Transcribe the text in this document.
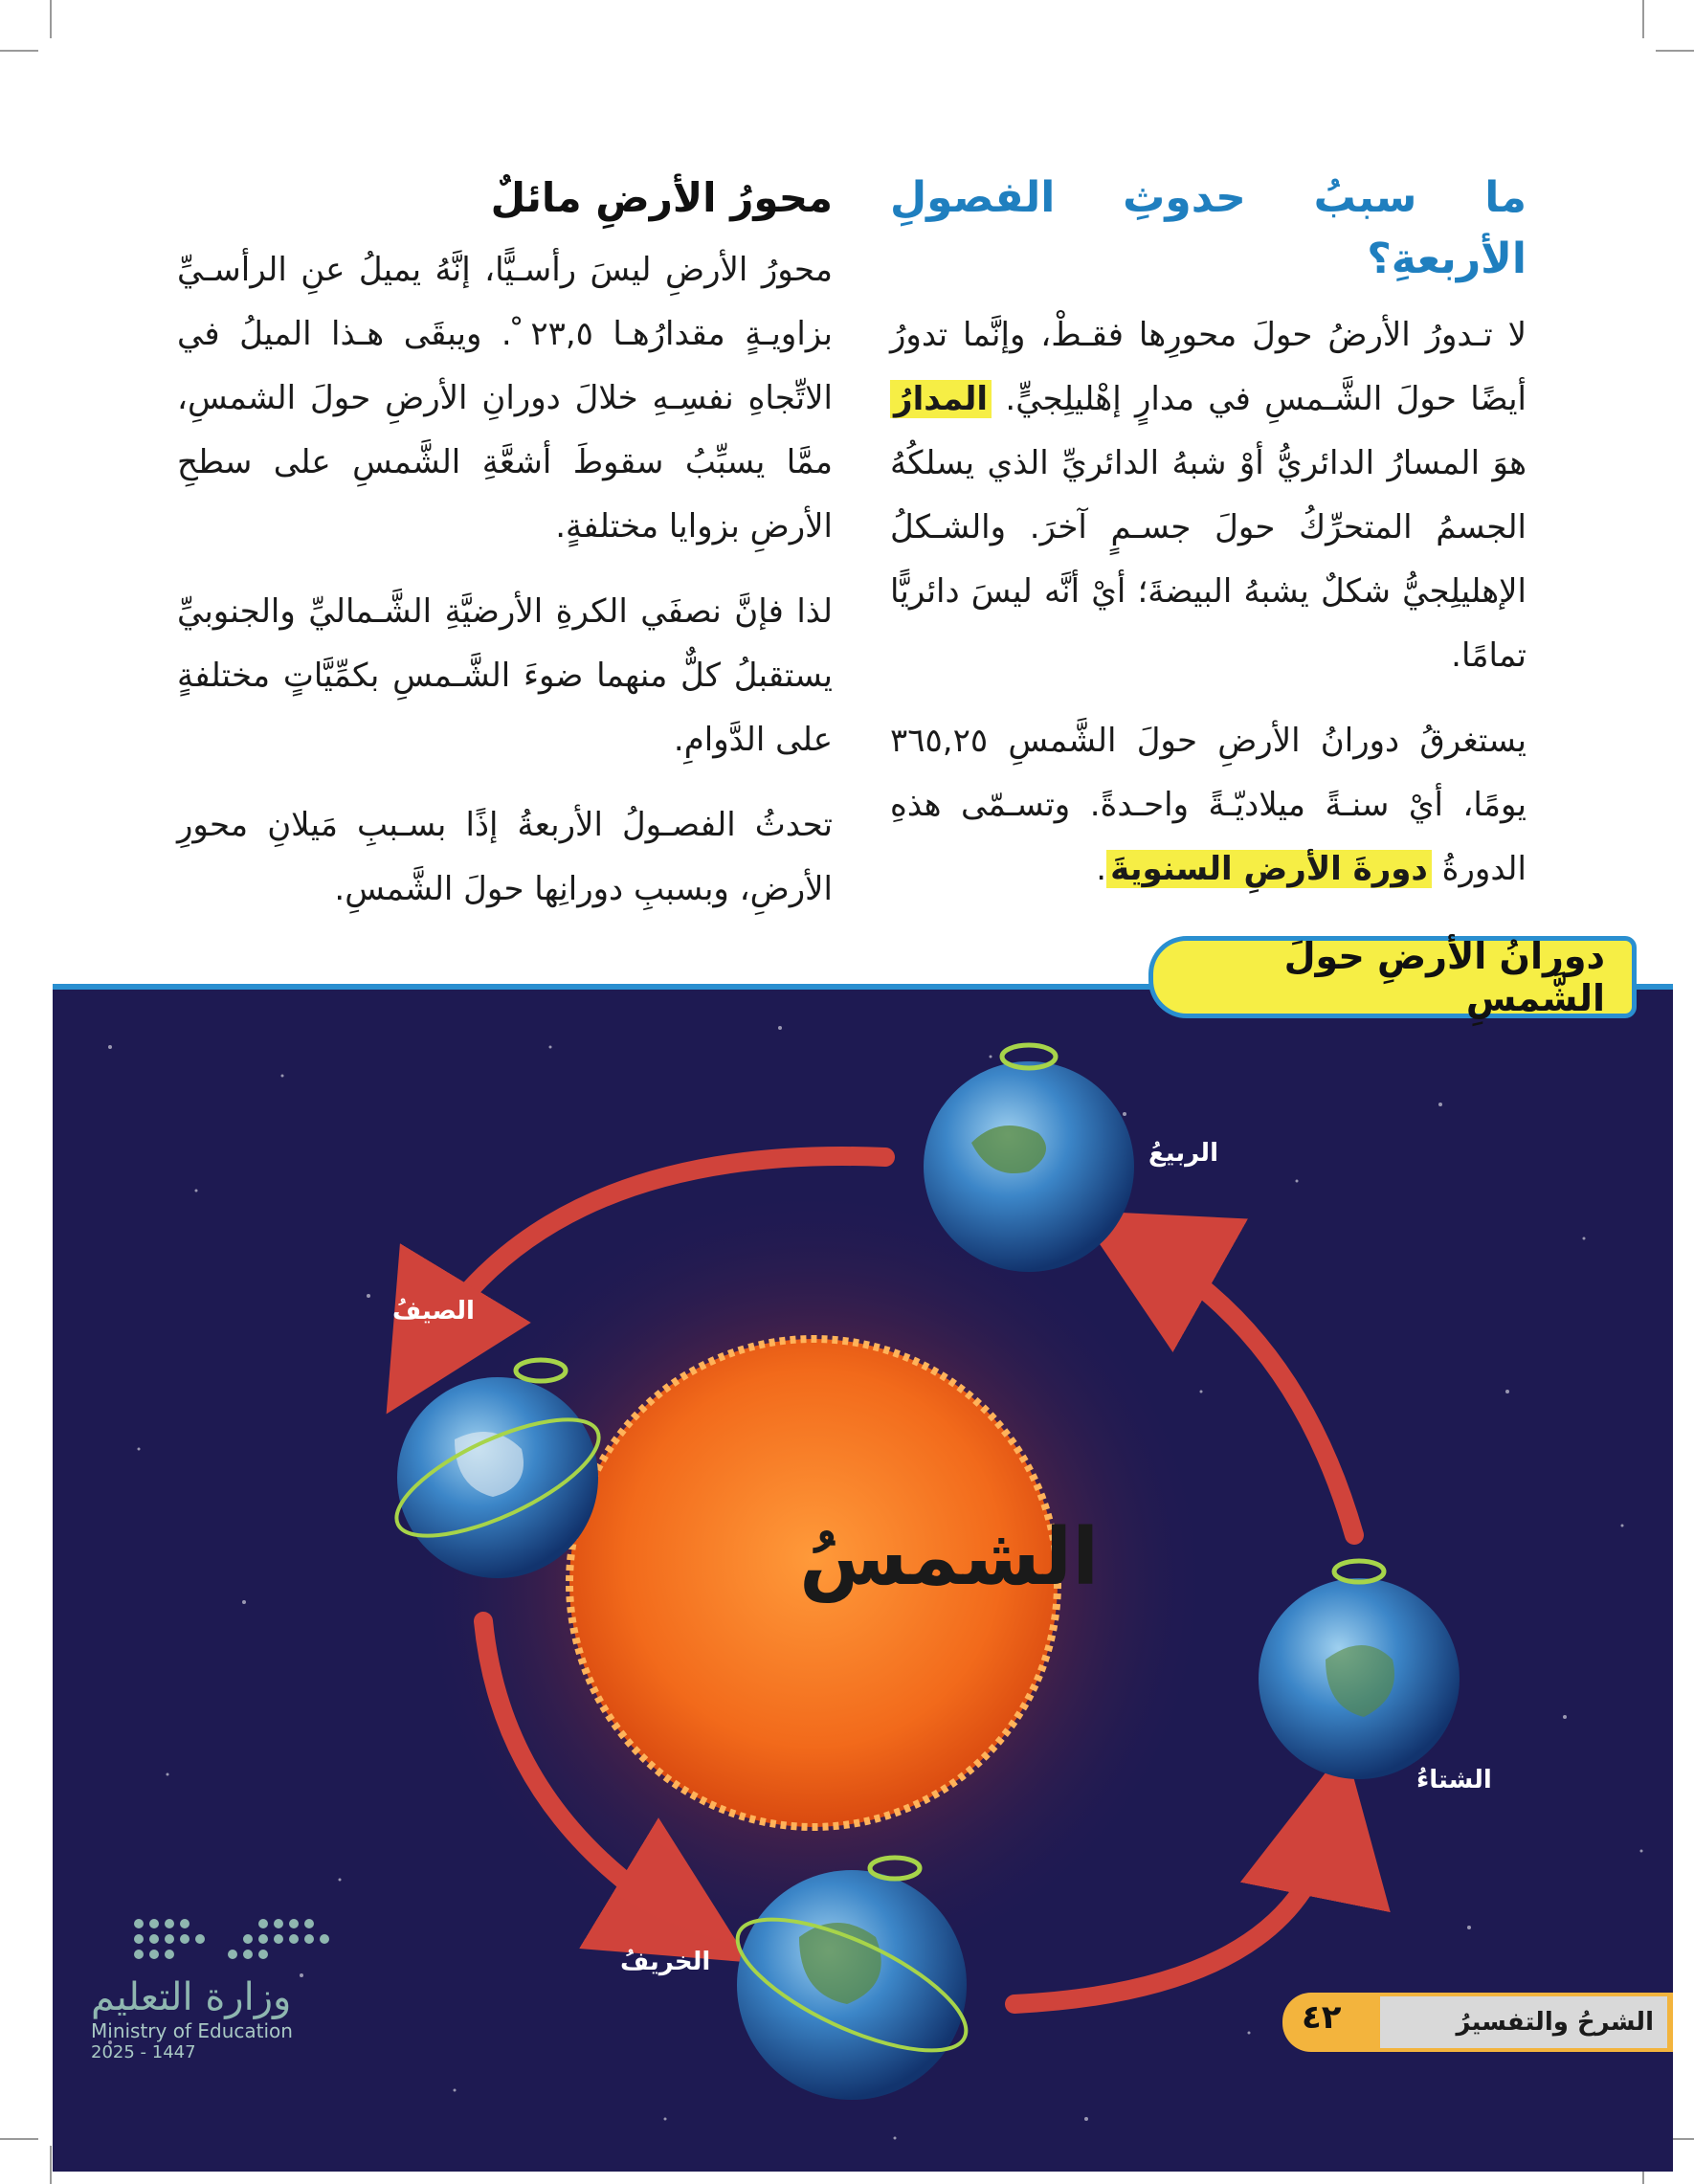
ما سببُ حدوثِ الفصولِ الأربعةِ؟

لا تـدورُ الأرضُ حولَ محورِها فقـطْ، وإنَّما تدورُ أيضًا حولَ الشَّـمسِ في مدارٍ إهْليلِجيٍّ. المدارُ هوَ المسارُ الدائريُّ أوْ شبهُ الدائريِّ الذي يسلكُهُ الجسمُ المتحرِّكُ حولَ جسـمٍ آخرَ. والشـكلُ الإهليلِجيُّ شكلٌ يشبهُ البيضةَ؛ أيْ أنَّه ليسَ دائريًّا تمامًا.

يستغرقُ دورانُ الأرضِ حولَ الشَّمسِ ٣٦٥,٢٥ يومًا، أيْ سنـةً ميلاديّـةً واحـدةً. وتسـمّى هذهِ الدورةُ دورةَ الأرضِ السنويةَ.

محورُ الأرضِ مائلٌ

محورُ الأرضِ ليسَ رأسـيًّا، إنَّهُ يميلُ عنِ الرأسـيِّ بزاويـةٍ مقدارُهـا ٢٣,٥ ْ. ويبقَى هـذا الميلُ في الاتِّجاهِ نفسِـهِ خلالَ دورانِ الأرضِ حولَ الشمسِ، ممَّا يسبِّبُ سقوطَ أشعَّةِ الشَّمسِ على سطحِ الأرضِ بزوايا مختلفةٍ.

لذا فإنَّ نصفَي الكرةِ الأرضيَّةِ الشَّـماليِّ والجنوبيِّ يستقبلُ كلٌّ منهما ضوءَ الشَّـمسِ بكمِّيَّاتٍ مختلفةٍ على الدَّوامِ.

تحدثُ الفصـولُ الأربعةُ إذًا بسـببِ مَيلانِ محورِ الأرضِ، وبسببِ دورانِها حولَ الشَّمسِ.

دورانُ الأرضِ حولَ الشَّمسِ
الربيعُ
الصيفُ
الخريفُ
الشتاءُ
الشمسُ
الشرحُ والتفسيرُ
٤٢
وزارة التعليم
Ministry of Education
2025 - 1447
